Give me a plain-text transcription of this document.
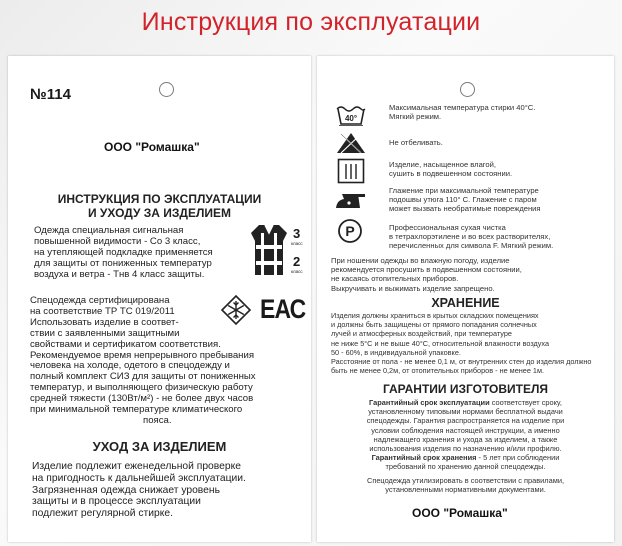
Инструкция по эксплуатации
№114
ООО "Ромашка"
ИНСТРУКЦИЯ ПО ЭКСПЛУАТАЦИИ
И УХОДУ ЗА ИЗДЕЛИЕМ
Одежда специальная сигнальная
повышенной видимости - Со 3 класс,
на утепляющей подкладке применяется
для защиты от пониженных температур
воздуха и ветра - Тнв 4 класс защиты.
3
класс
2
класс
ЕАС
Спецодежда сертифицирована
на соответствие ТР ТС 019/2011
Использовать изделие в соответ-
ствии с заявленными защитными
свойствами и сертификатом соответствия.
Рекомендуемое время непрерывного пребывания
человека на холоде, одетого в спецодежду и
полный комплект СИЗ для защиты от пониженных
температур, и выполняющего физическую работу
средней тяжести (130Вт/м²) - не более двух часов
при минимальной температуре климатического
пояса.
УХОД ЗА ИЗДЕЛИЕМ
Изделие подлежит еженедельной проверке
на пригодность к дальнейшей эксплуатации.
Загрязненная одежда снижает уровень
защиты и в процессе эксплуатации
подлежит регулярной стирке.
40°
Максимальная температура стирки 40°С.
Мягкий режим.
Не отбеливать.
Изделие, насыщенное влагой,
сушить в подвешенном состоянии.
Глажение при максимальной температуре
подошвы утюга 110° С. Глажение с паром
может вызвать необратимые повреждения
P	Профессиональная сухая чистка
в тетрахлорэтилене и во всех растворителях,
перечисленных для символа F. Мягкий режим.
При ношении одежды во влажную погоду, изделие
рекомендуется просушить в подвешенном состоянии,
не касаясь отопительных приборов.
Выкручивать и выжимать изделие запрещено.
ХРАНЕНИЕ
Изделия должны храниться в крытых складских помещениях
и должны быть защищены от прямого попадания солнечных
лучей и атмосферных воздействий, при температуре
не ниже 5°С и не выше 40°С, относительной влажности воздуха
50 - 60%, в индивидуальной упаковке.
Расстояние от пола - не менее 0,1 м, от внутренних стен до изделия должно
быть не менее 0,2м, от отопительных приборов - не менее 1м.
ГАРАНТИИ ИЗГОТОВИТЕЛЯ
Гарантийный срок эксплуатации соответствует сроку,
установленному типовыми нормами бесплатной выдачи
спецодежды. Гарантия распространяется на изделие при
условии соблюдения настоящей инструкции, а именно
надлежащего хранения и ухода за изделием, а также
использования изделия по назначению и/или профилю.
Гарантийный срок хранения - 5 лет при соблюдении
требований по хранению данной спецодежды.
Спецодежда утилизировать в соответствии с правилами,
установленными нормативными документами.
ООО "Ромашка"
